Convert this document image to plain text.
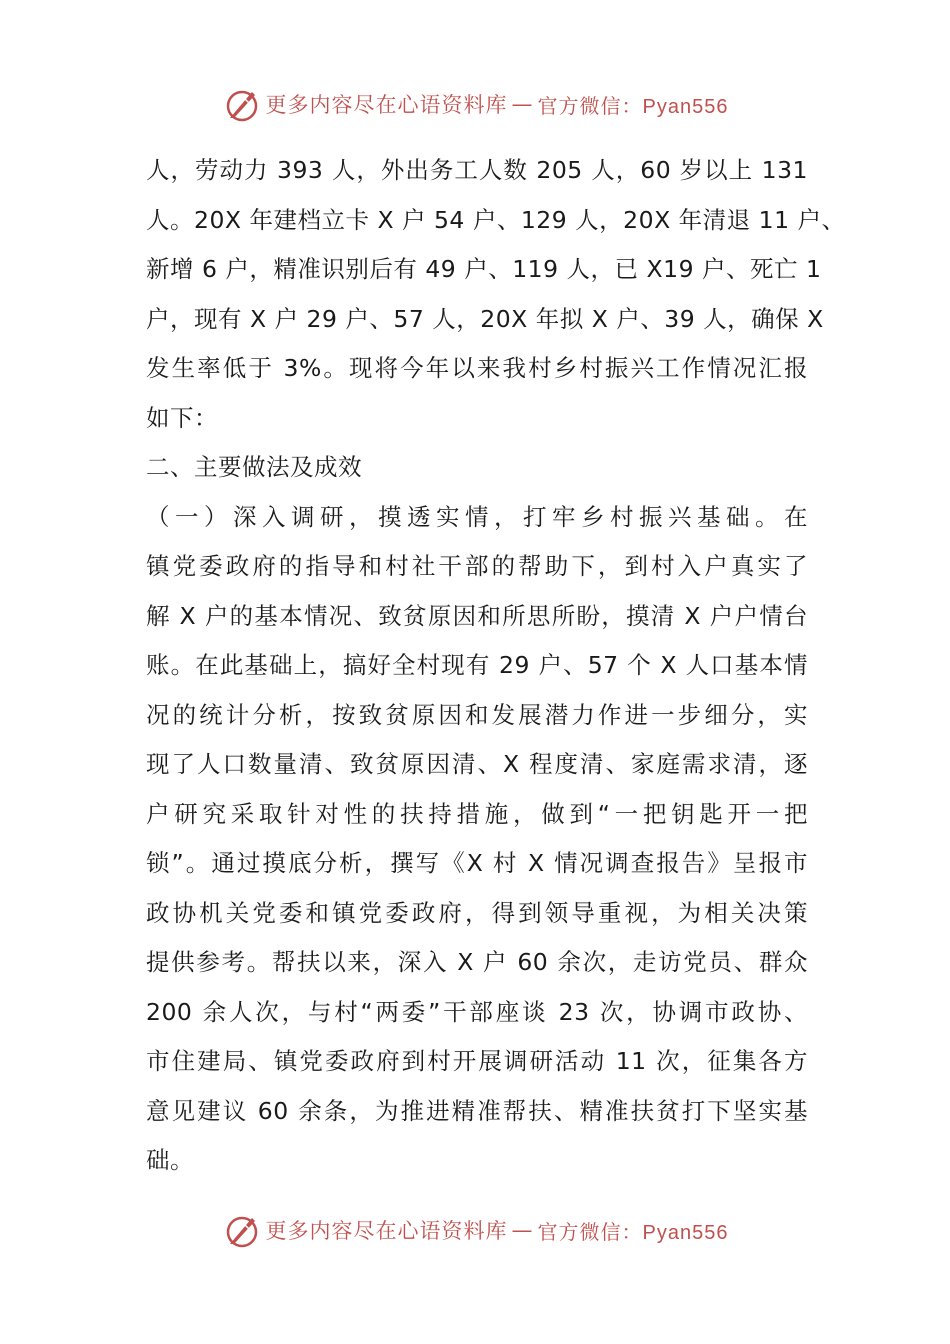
更多内容尽在心语资料库 — 官方微信：Pyan556
人，劳动力 393 人，外出务工人数 205 人，60 岁以上 131
人。20X 年建档立卡 X 户 54 户、129 人，20X 年清退 11 户、
新增 6 户，精准识别后有 49 户、119 人，已 X19 户、死亡 1
户，现有 X 户 29 户、57 人，20X 年拟 X 户、39 人，确保 X
发生率低于 3%。现将今年以来我村乡村振兴工作情况汇报
如下：
二、主要做法及成效
（一）深入调研，摸透实情，打牢乡村振兴基础。在
镇党委政府的指导和村社干部的帮助下，到村入户真实了
解 X 户的基本情况、致贫原因和所思所盼，摸清 X 户户情台
账。在此基础上，搞好全村现有 29 户、57 个 X 人口基本情
况的统计分析，按致贫原因和发展潜力作进一步细分，实
现了人口数量清、致贫原因清、X 程度清、家庭需求清，逐
户研究采取针对性的扶持措施，做到“一把钥匙开一把
锁”。通过摸底分析，撰写《X 村 X 情况调查报告》呈报市
政协机关党委和镇党委政府，得到领导重视，为相关决策
提供参考。帮扶以来，深入 X 户 60 余次，走访党员、群众
200 余人次，与村“两委”干部座谈 23 次，协调市政协、
市住建局、镇党委政府到村开展调研活动 11 次，征集各方
意见建议 60 余条，为推进精准帮扶、精准扶贫打下坚实基
础。
更多内容尽在心语资料库 — 官方微信：Pyan556
